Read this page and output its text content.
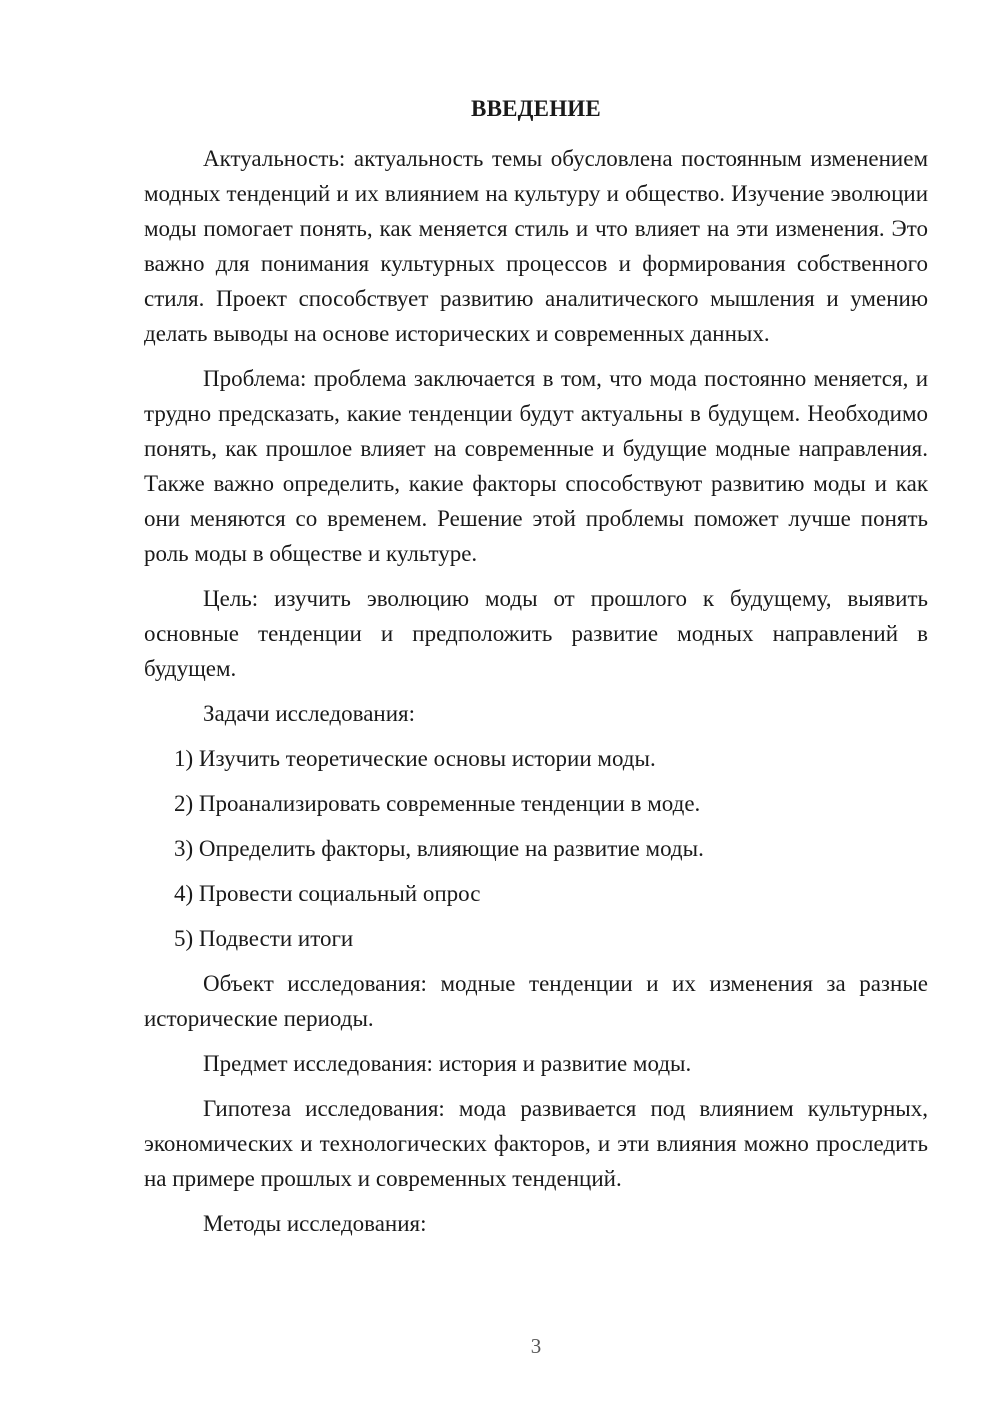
ВВЕДЕНИЕ

Актуальность: актуальность темы обусловлена постоянным изменением модных тенденций и их влиянием на культуру и общество. Изучение эволюции моды помогает понять, как меняется стиль и что влияет на эти изменения. Это важно для понимания культурных процессов и формирования собственного стиля. Проект способствует развитию аналитического мышления и умению делать выводы на основе исторических и современных данных.

Проблема: проблема заключается в том, что мода постоянно меняется, и трудно предсказать, какие тенденции будут актуальны в будущем. Необходимо понять, как прошлое влияет на современные и будущие модные направления. Также важно определить, какие факторы способствуют развитию моды и как они меняются со временем. Решение этой проблемы поможет лучше понять роль моды в обществе и культуре.

Цель: изучить эволюцию моды от прошлого к будущему, выявить основные тенденции и предположить развитие модных направлений в будущем.

Задачи исследования:

1) Изучить теоретические основы истории моды.

2) Проанализировать современные тенденции в моде.

3) Определить факторы, влияющие на развитие моды.

4) Провести социальный опрос

5) Подвести итоги

Объект исследования: модные тенденции и их изменения за разные исторические периоды.

Предмет исследования: история и развитие моды.

Гипотеза исследования: мода развивается под влиянием культурных, экономических и технологических факторов, и эти влияния можно проследить на примере прошлых и современных тенденций.

Методы исследования:

3
